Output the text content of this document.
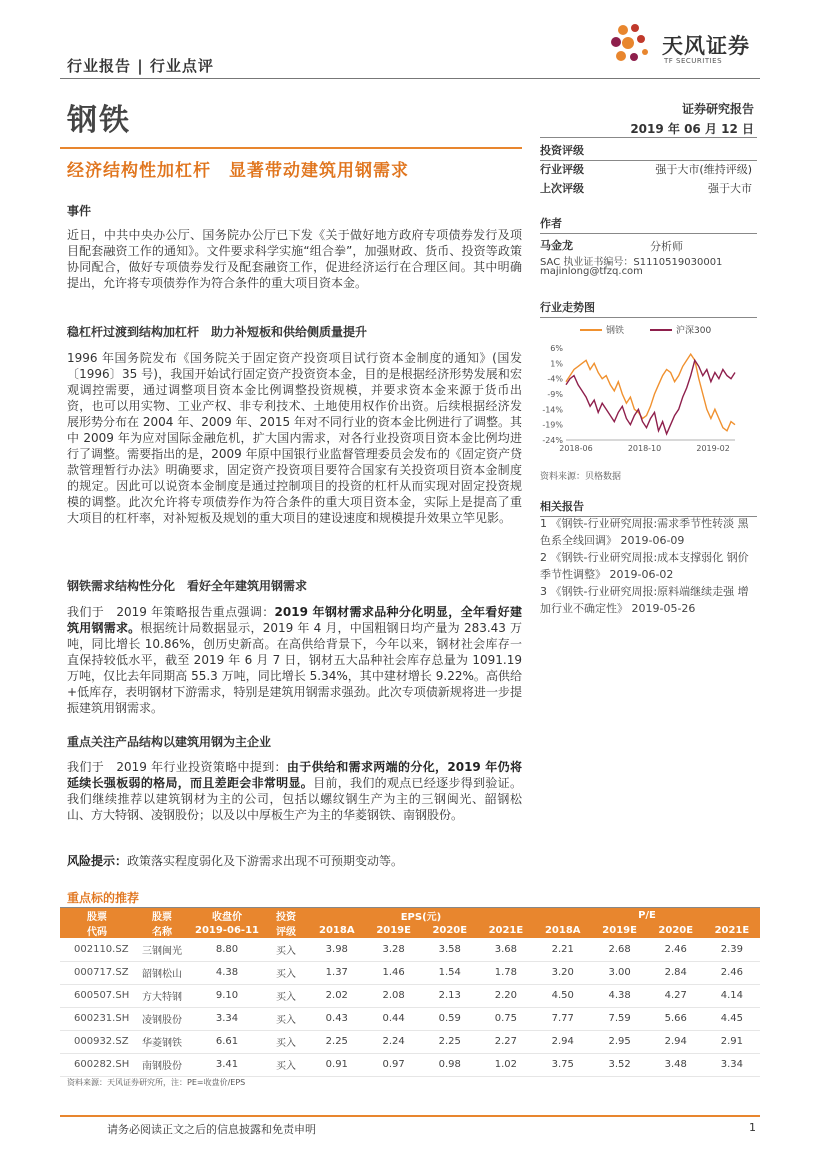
行业报告 | 行业点评
天风证券
TF SECURITIES
钢铁	证券研究报告
2019 年 06 月 12 日
经济结构性加杠杆　显著带动建筑用钢需求
投资评级
行业评级	强于大市(维持评级)
上次评级	强于大市
作者
马金龙	分析师
SAC 执业证书编号：S1110519030001
majinlong@tfzq.com
行业走势图
钢铁	沪深300
6%
1%
-4%
-9%
-14%
-19%
-24%
2018-06	2018-10	2019-02
资料来源：贝格数据
相关报告
1 《钢铁-行业研究周报:需求季节性转淡 黑色系全线回调》 2019-06-09
2 《钢铁-行业研究周报:成本支撑弱化 钢价季节性调整》 2019-06-02
3 《钢铁-行业研究周报:原料端继续走强 增加行业不确定性》 2019-05-26
事件
近日，中共中央办公厅、国务院办公厅已下发《关于做好地方政府专项债券发行及项目配套融资工作的通知》。文件要求科学实施“组合拳”，加强财政、货币、投资等政策协同配合，做好专项债券发行及配套融资工作，促进经济运行在合理区间。其中明确提出，允许将专项债券作为符合条件的重大项目资本金。
稳杠杆过渡到结构加杠杆　助力补短板和供给侧质量提升
1996 年国务院发布《国务院关于固定资产投资项目试行资本金制度的通知》(国发〔1996〕35 号)，我国开始试行固定资产投资资本金，目的是根据经济形势发展和宏观调控需要，通过调整项目资本金比例调整投资规模，并要求资本金来源于货币出资，也可以用实物、工业产权、非专利技术、土地使用权作价出资。后续根据经济发展形势分布在 2004 年、2009 年、2015 年对不同行业的资本金比例进行了调整。其中 2009 年为应对国际金融危机，扩大国内需求，对各行业投资项目资本金比例均进行了调整。需要指出的是，2009 年原中国银行业监督管理委员会发布的《固定资产贷款管理暂行办法》明确要求，固定资产投资项目要符合国家有关投资项目资本金制度的规定。因此可以说资本金制度是通过控制项目的投资的杠杆从而实现对固定投资规模的调整。此次允许将专项债券作为符合条件的重大项目资本金，实际上是提高了重大项目的杠杆率，对补短板及规划的重大项目的建设速度和规模提升效果立竿见影。
钢铁需求结构性分化　看好全年建筑用钢需求
我们于　2019 年策略报告重点强调：2019 年钢材需求品种分化明显，全年看好建筑用钢需求。根据统计局数据显示，2019 年 4 月，中国粗钢日均产量为 283.43 万吨，同比增长 10.86%，创历史新高。在高供给背景下，今年以来，钢材社会库存一直保持较低水平，截至 2019 年 6 月 7 日，钢材五大品种社会库存总量为 1091.19 万吨，仅比去年同期高 55.3 万吨，同比增长 5.34%，其中建材增长 9.22%。高供给+低库存，表明钢材下游需求，特别是建筑用钢需求强劲。此次专项债新规将进一步提振建筑用钢需求。
重点关注产品结构以建筑用钢为主企业
我们于　2019 年行业投资策略中提到：由于供给和需求两端的分化，2019 年仍将延续长强板弱的格局，而且差距会非常明显。目前，我们的观点已经逐步得到验证。我们继续推荐以建筑钢材为主的公司，包括以螺纹钢生产为主的三钢闽光、韶钢松山、方大特钢、凌钢股份；以及以中厚板生产为主的华菱钢铁、南钢股份。
风险提示：政策落实程度弱化及下游需求出现不可预期变动等。
重点标的推荐
股票	股票	收盘价	投资	EPS(元)				P/E			
代码	名称	2019-06-11	评级	2018A	2019E	2020E	2021E	2018A	2019E	2020E	2021E
002110.SZ	三钢闽光	8.80	买入	3.98	3.28	3.58	3.68	2.21	2.68	2.46	2.39
000717.SZ	韶钢松山	4.38	买入	1.37	1.46	1.54	1.78	3.20	3.00	2.84	2.46
600507.SH	方大特钢	9.10	买入	2.02	2.08	2.13	2.20	4.50	4.38	4.27	4.14
600231.SH	凌钢股份	3.34	买入	0.43	0.44	0.59	0.75	7.77	7.59	5.66	4.45
000932.SZ	华菱钢铁	6.61	买入	2.25	2.24	2.25	2.27	2.94	2.95	2.94	2.91
600282.SH	南钢股份	3.41	买入	0.91	0.97	0.98	1.02	3.75	3.52	3.48	3.34
资料来源：天风证券研究所，注：PE=收盘价/EPS
请务必阅读正文之后的信息披露和免责申明	1
